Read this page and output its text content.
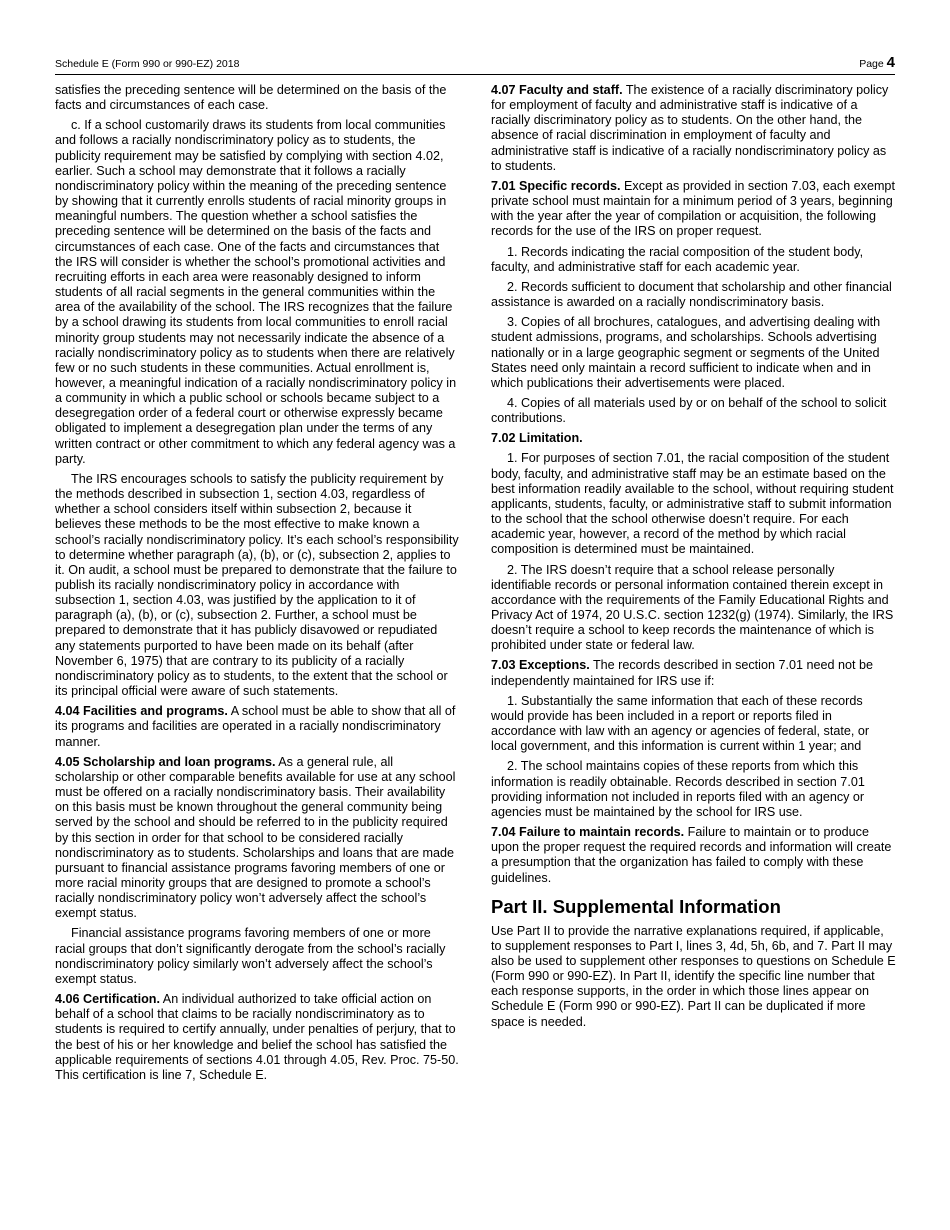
Schedule E (Form 990 or 990-EZ) 2018	Page 4

satisfies the preceding sentence will be determined on the basis of the facts and circumstances of each case.

c. If a school customarily draws its students from local communities and follows a racially nondiscriminatory policy as to students, the publicity requirement may be satisfied by complying with section 4.02, earlier. Such a school may demonstrate that it follows a racially nondiscriminatory policy within the meaning of the preceding sentence by showing that it currently enrolls students of racial minority groups in meaningful numbers. The question whether a school satisfies the preceding sentence will be determined on the basis of the facts and circumstances of each case. One of the facts and circumstances that the IRS will consider is whether the school’s promotional activities and recruiting efforts in each area were reasonably designed to inform students of all racial segments in the general communities within the area of the availability of the school. The IRS recognizes that the failure by a school drawing its students from local communities to enroll racial minority group students may not necessarily indicate the absence of a racially nondiscriminatory policy as to students when there are relatively few or no such students in these communities. Actual enrollment is, however, a meaningful indication of a racially nondiscriminatory policy in a community in which a public school or schools became subject to a desegregation order of a federal court or otherwise expressly became obligated to implement a desegregation plan under the terms of any written contract or other commitment to which any federal agency was a party.

The IRS encourages schools to satisfy the publicity requirement by the methods described in subsection 1, section 4.03, regardless of whether a school considers itself within subsection 2, because it believes these methods to be the most effective to make known a school’s racially nondiscriminatory policy. It’s each school’s responsibility to determine whether paragraph (a), (b), or (c), subsection 2, applies to it. On audit, a school must be prepared to demonstrate that the failure to publish its racially nondiscriminatory policy in accordance with subsection 1, section 4.03, was justified by the application to it of paragraph (a), (b), or (c), subsection 2. Further, a school must be prepared to demonstrate that it has publicly disavowed or repudiated any statements purported to have been made on its behalf (after November 6, 1975) that are contrary to its publicity of a racially nondiscriminatory policy as to students, to the extent that the school or its principal official were aware of such statements.

4.04 Facilities and programs. A school must be able to show that all of its programs and facilities are operated in a racially nondiscriminatory manner.

4.05 Scholarship and loan programs. As a general rule, all scholarship or other comparable benefits available for use at any school must be offered on a racially nondiscriminatory basis. Their availability on this basis must be known throughout the general community being served by the school and should be referred to in the publicity required by this section in order for that school to be considered racially nondiscriminatory as to students. Scholarships and loans that are made pursuant to financial assistance programs favoring members of one or more racial minority groups that are designed to promote a school’s racially nondiscriminatory policy won’t adversely affect the school’s exempt status.

Financial assistance programs favoring members of one or more racial groups that don’t significantly derogate from the school’s racially nondiscriminatory policy similarly won’t adversely affect the school’s exempt status.

4.06 Certification. An individual authorized to take official action on behalf of a school that claims to be racially nondiscriminatory as to students is required to certify annually, under penalties of perjury, that to the best of his or her knowledge and belief the school has satisfied the applicable requirements of sections 4.01 through 4.05, Rev. Proc. 75-50. This certification is line 7, Schedule E.

4.07 Faculty and staff. The existence of a racially discriminatory policy for employment of faculty and administrative staff is indicative of a racially discriminatory policy as to students. On the other hand, the absence of racial discrimination in employment of faculty and administrative staff is indicative of a racially nondiscriminatory policy as to students.

7.01 Specific records. Except as provided in section 7.03, each exempt private school must maintain for a minimum period of 3 years, beginning with the year after the year of compilation or acquisition, the following records for the use of the IRS on proper request.

1. Records indicating the racial composition of the student body, faculty, and administrative staff for each academic year.

2. Records sufficient to document that scholarship and other financial assistance is awarded on a racially nondiscriminatory basis.

3. Copies of all brochures, catalogues, and advertising dealing with student admissions, programs, and scholarships. Schools advertising nationally or in a large geographic segment or segments of the United States need only maintain a record sufficient to indicate when and in which publications their advertisements were placed.

4. Copies of all materials used by or on behalf of the school to solicit contributions.

7.02 Limitation.

1. For purposes of section 7.01, the racial composition of the student body, faculty, and administrative staff may be an estimate based on the best information readily available to the school, without requiring student applicants, students, faculty, or administrative staff to submit information to the school that the school otherwise doesn’t require. For each academic year, however, a record of the method by which racial composition is determined must be maintained.

2. The IRS doesn’t require that a school release personally identifiable records or personal information contained therein except in accordance with the requirements of the Family Educational Rights and Privacy Act of 1974, 20 U.S.C. section 1232(g) (1974). Similarly, the IRS doesn’t require a school to keep records the maintenance of which is prohibited under state or federal law.

7.03 Exceptions. The records described in section 7.01 need not be independently maintained for IRS use if:

1. Substantially the same information that each of these records would provide has been included in a report or reports filed in accordance with law with an agency or agencies of federal, state, or local government, and this information is current within 1 year; and

2. The school maintains copies of these reports from which this information is readily obtainable. Records described in section 7.01 providing information not included in reports filed with an agency or agencies must be maintained by the school for IRS use.

7.04 Failure to maintain records. Failure to maintain or to produce upon the proper request the required records and information will create a presumption that the organization has failed to comply with these guidelines.

Part II. Supplemental Information

Use Part II to provide the narrative explanations required, if applicable, to supplement responses to Part I, lines 3, 4d, 5h, 6b, and 7. Part II may also be used to supplement other responses to questions on Schedule E (Form 990 or 990-EZ). In Part II, identify the specific line number that each response supports, in the order in which those lines appear on Schedule E (Form 990 or 990-EZ). Part II can be duplicated if more space is needed.
